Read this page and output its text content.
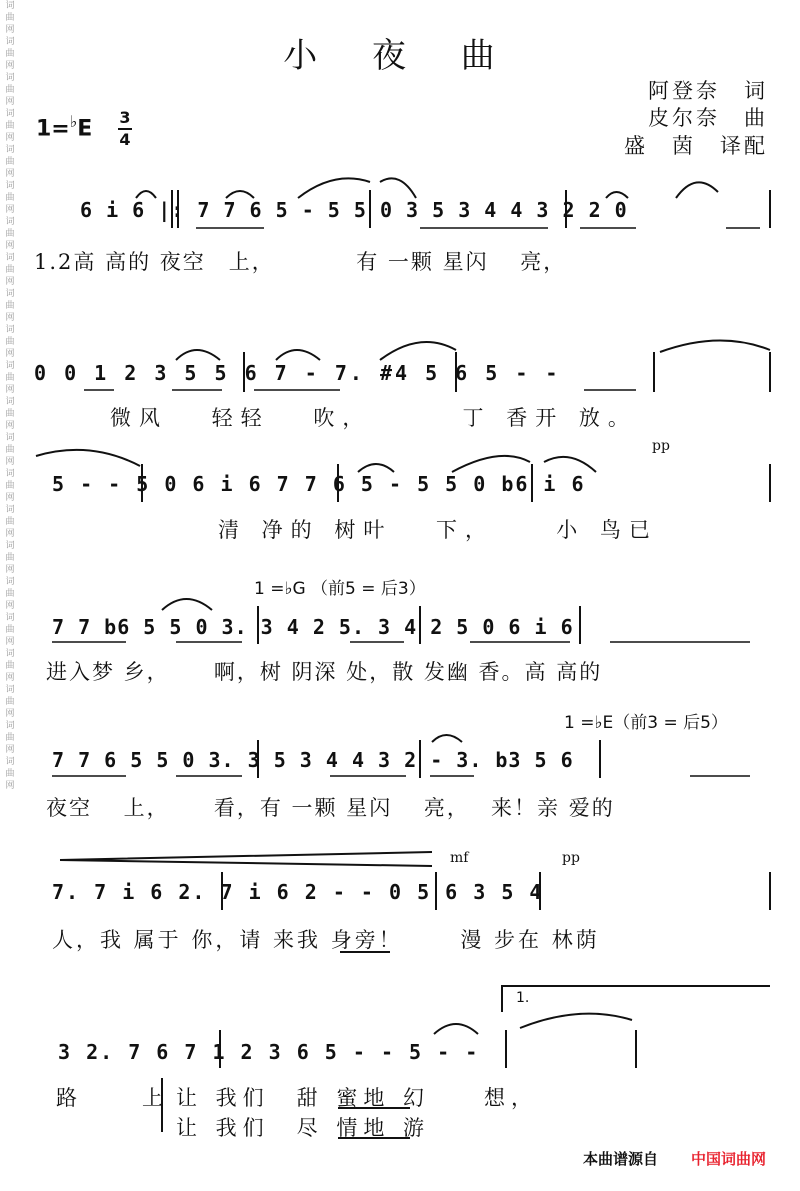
词曲网 词曲网 词曲网 词曲网 词曲网 词曲网 词曲网 词曲网 词曲网 词曲网 词曲网 词曲网 词曲网 词曲网 词曲网 词曲网 词曲网 词曲网 词曲网 词曲网 词曲网 词曲网
小 夜 曲
阿登奈　词
皮尔奈　曲
盛　茵　译配
1=♭E 3
4
6 i 6 |: 7 7 6 5 - 5 5 0 3 5 3 4 4 3 2 2 0
1.2高 高的 夜空　上，　　　　有 一颗 星闪　 亮，
0 0 1 2 3 5 5 6 7 - 7. #4 5 6 5 - -
微风　 轻轻　 吹，　　　 丁 香开 放。
pp
5 - - 5 0 6 i 6 7 7 6 5 - 5 5 0 b6 i 6
清 净的 树叶　 下，　　 小 鸟已
1 =♭G （前5 = 后3）
7 7 b6 5 5 0 3. 3 4 2 5. 3 4 2 5 0 6 i 6
进入梦 乡，　　 啊，树 阴深 处，散 发幽 香。高 高的
1 =♭E（前3 = 后5）
7 7 6 5 5 0 3. 3 5 3 4 4 3 2 - 3. b3 5 6
夜空　 上，　　 看，有 一颗 星闪　 亮，　 来！亲 爱的
mf	pp
7. 7 i 6 2. 7 i 6 2 - - 0 5 6 3 5 4
人，我 属于 你，请 来我 身旁！　　 漫 步在 林荫
1.
3 2. 7 6 7 1 2 3 6 5 - - 5 - -
路　上
让 我们　甜 蜜地 幻　　想，
让 我们　尽 情地 游
本曲谱源自 中国词曲网
